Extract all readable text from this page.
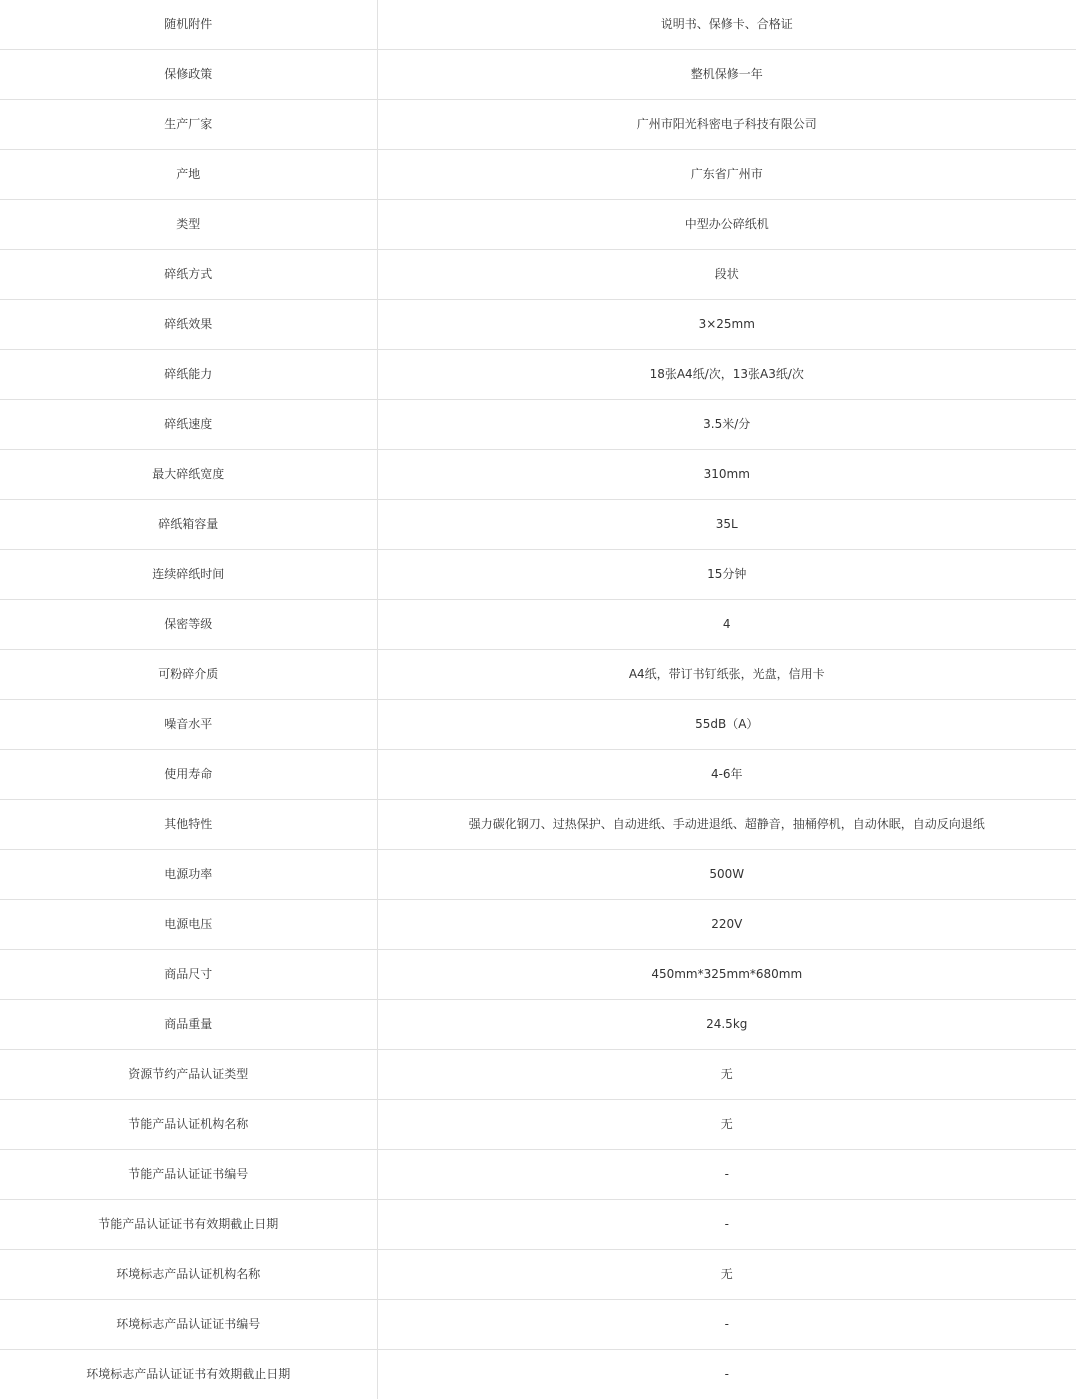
随机附件	说明书、保修卡、合格证
保修政策	整机保修一年
生产厂家	广州市阳光科密电子科技有限公司
产地	广东省广州市
类型	中型办公碎纸机
碎纸方式	段状
碎纸效果	3×25mm
碎纸能力	18张A4纸/次，13张A3纸/次
碎纸速度	3.5米/分
最大碎纸宽度	310mm
碎纸箱容量	35L
连续碎纸时间	15分钟
保密等级	4
可粉碎介质	A4纸，带订书钉纸张，光盘，信用卡
噪音水平	55dB（A）
使用寿命	4-6年
其他特性	强力碳化钢刀、过热保护、自动进纸、手动进退纸、超静音，抽桶停机，自动休眠，自动反向退纸
电源功率	500W
电源电压	220V
商品尺寸	450mm*325mm*680mm
商品重量	24.5kg
资源节约产品认证类型	无
节能产品认证机构名称	无
节能产品认证证书编号	-
节能产品认证证书有效期截止日期	-
环境标志产品认证机构名称	无
环境标志产品认证证书编号	-
环境标志产品认证证书有效期截止日期	-
